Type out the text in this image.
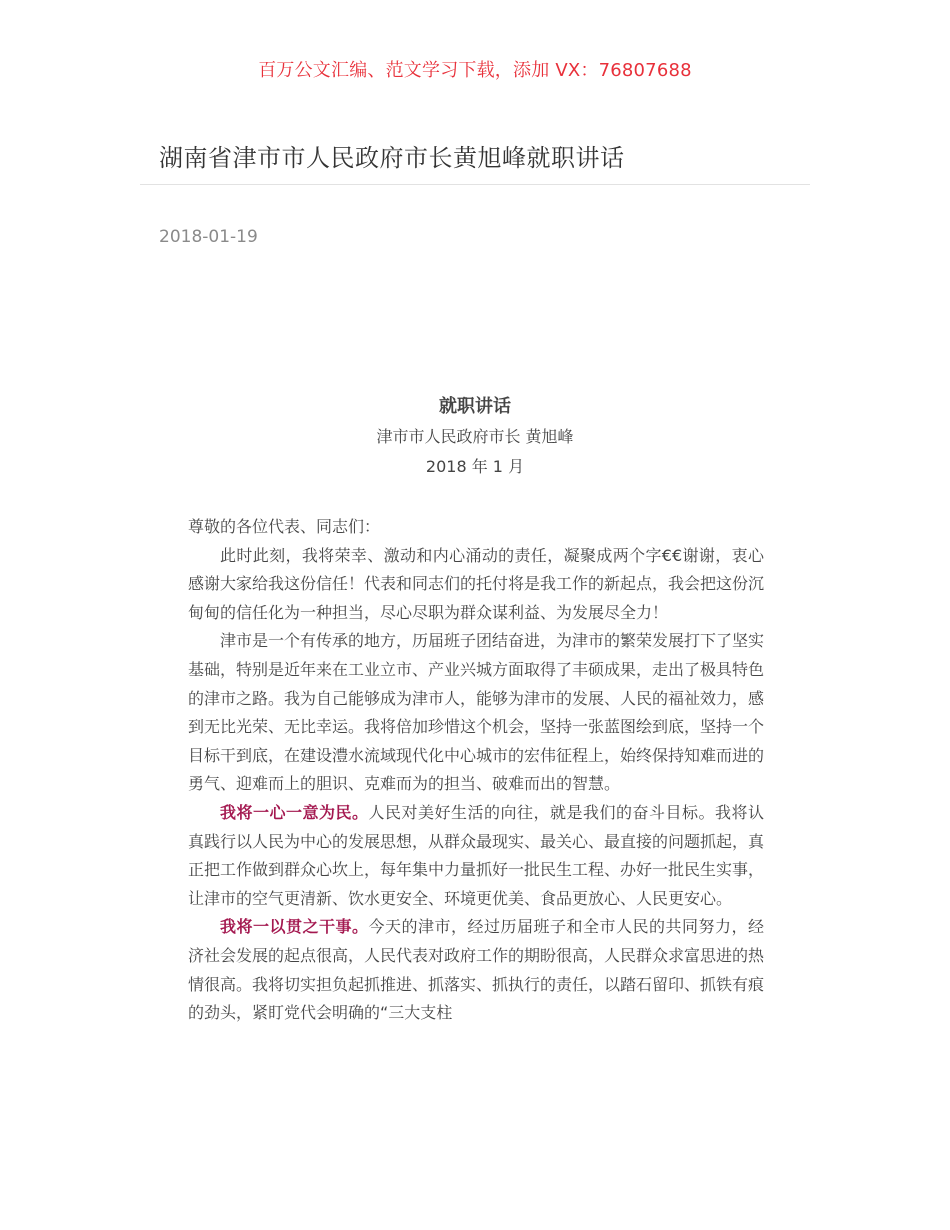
百万公文汇编、范文学习下载，添加 VX：76807688
湖南省津市市人民政府市长黄旭峰就职讲话
2018-01-19
就职讲话
津市市人民政府市长 黄旭峰
2018 年 1 月

尊敬的各位代表、同志们：

此时此刻，我将荣幸、激动和内心涌动的责任，凝聚成两个字€€谢谢，衷心感谢大家给我这份信任！代表和同志们的托付将是我工作的新起点，我会把这份沉甸甸的信任化为一种担当，尽心尽职为群众谋利益、为发展尽全力！

津市是一个有传承的地方，历届班子团结奋进，为津市的繁荣发展打下了坚实基础，特别是近年来在工业立市、产业兴城方面取得了丰硕成果，走出了极具特色的津市之路。我为自己能够成为津市人，能够为津市的发展、人民的福祉效力，感到无比光荣、无比幸运。我将倍加珍惜这个机会，坚持一张蓝图绘到底，坚持一个目标干到底，在建设澧水流域现代化中心城市的宏伟征程上，始终保持知难而进的勇气、迎难而上的胆识、克难而为的担当、破难而出的智慧。

我将一心一意为民。人民对美好生活的向往，就是我们的奋斗目标。我将认真践行以人民为中心的发展思想，从群众最现实、最关心、最直接的问题抓起，真正把工作做到群众心坎上，每年集中力量抓好一批民生工程、办好一批民生实事，让津市的空气更清新、饮水更安全、环境更优美、食品更放心、人民更安心。

我将一以贯之干事。今天的津市，经过历届班子和全市人民的共同努力，经济社会发展的起点很高，人民代表对政府工作的期盼很高，人民群众求富思进的热情很高。我将切实担负起抓推进、抓落实、抓执行的责任，以踏石留印、抓铁有痕的劲头，紧盯党代会明确的“三大支柱
